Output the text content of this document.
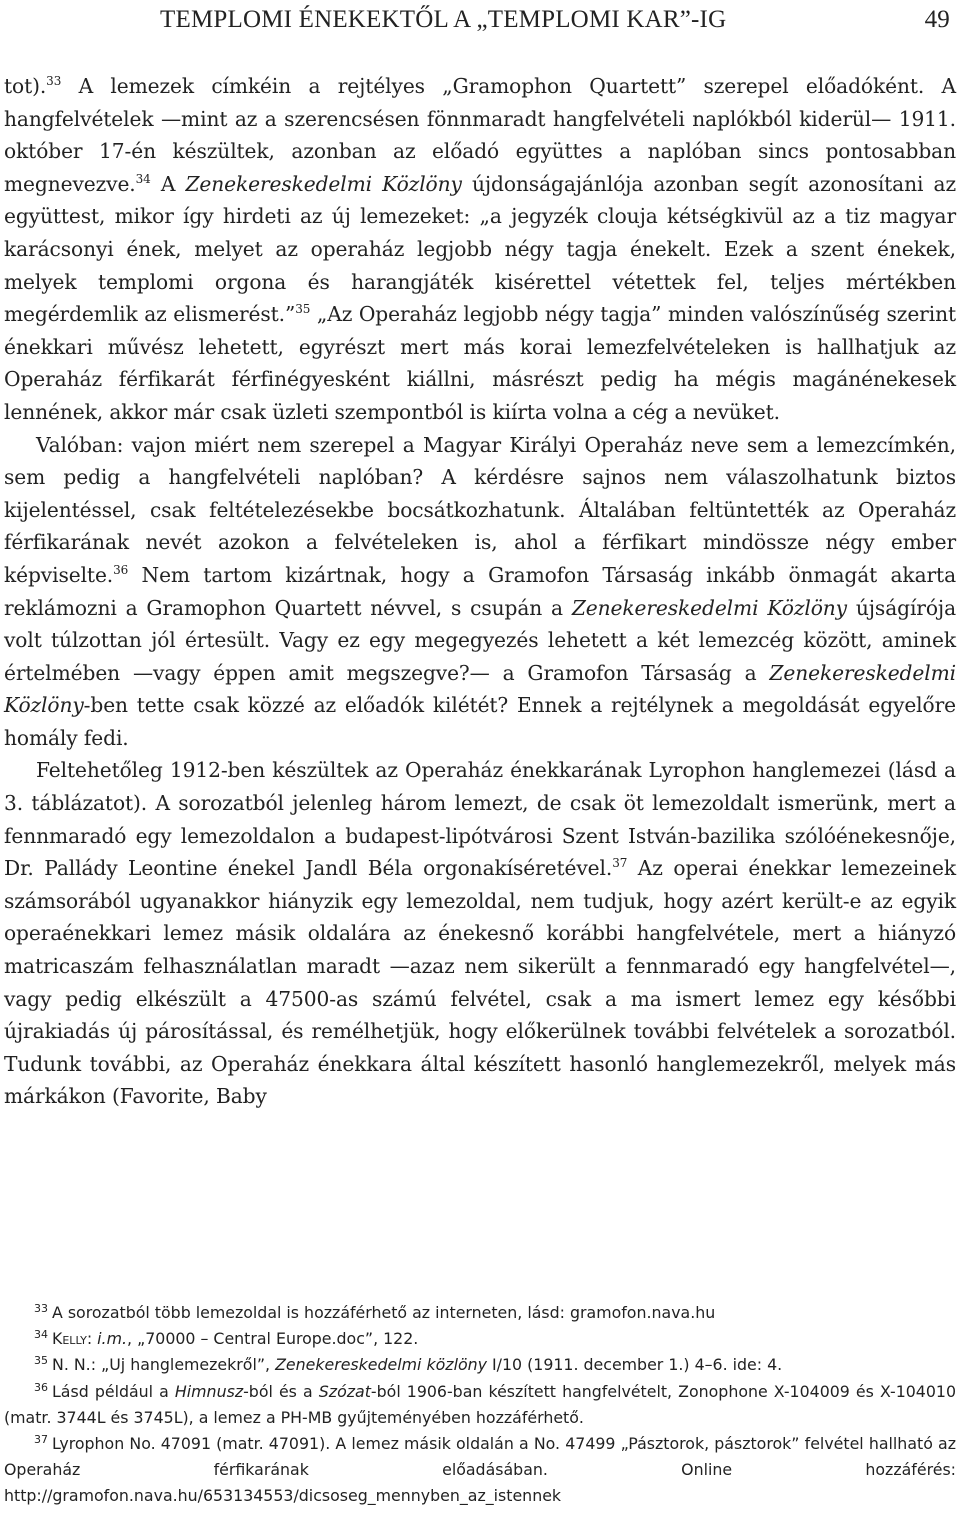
TEMPLOMI ÉNEKEKTŐL A „TEMPLOMI KAR”-IG	49

tot).$^{33}$ A lemezek címkéin a rejtélyes „Gramophon Quartett” szerepel előadóként. A hangfelvételek —mint az a szerencsésen fönnmaradt hangfelvételi naplókból kiderül— 1911. október 17-én készültek, azonban az előadó együttes a naplóban sincs pontosabban megnevezve.$^{34}$ A Zenekereskedelmi Közlöny újdonságajánlója azonban segít azonosítani az együttest, mikor így hirdeti az új lemezeket: „a jegyzék clouja kétségkivül az a tiz magyar karácsonyi ének, melyet az operaház legjobb négy tagja énekelt. Ezek a szent énekek, melyek templomi orgona és harangjáték kisérettel vétettek fel, teljes mértékben megérdemlik az elismerést.”$^{35}$ „Az Operaház legjobb négy tagja” minden valószínűség szerint énekkari művész lehetett, egyrészt mert más korai lemezfelvételeken is hallhatjuk az Operaház férfikarát férfinégyesként kiállni, másrészt pedig ha mégis magánénekesek lennének, akkor már csak üzleti szempontból is kiírta volna a cég a nevüket.

Valóban: vajon miért nem szerepel a Magyar Királyi Operaház neve sem a lemezcímkén, sem pedig a hangfelvételi naplóban? A kérdésre sajnos nem válaszolhatunk biztos kijelentéssel, csak feltételezésekbe bocsátkozhatunk. Általában feltüntették az Operaház férfikarának nevét azokon a felvételeken is, ahol a férfikart mindössze négy ember képviselte.$^{36}$ Nem tartom kizártnak, hogy a Gramofon Társaság inkább önmagát akarta reklámozni a Gramophon Quartett névvel, s csupán a Zenekereskedelmi Közlöny újságírója volt túlzottan jól értesült. Vagy ez egy megegyezés lehetett a két lemezcég között, aminek értelmében —vagy éppen amit megszegve?— a Gramofon Társaság a Zenekereskedelmi Közlöny-ben tette csak közzé az előadók kilétét? Ennek a rejtélynek a megoldását egyelőre homály fedi.

Feltehetőleg 1912-ben készültek az Operaház énekkarának Lyrophon hanglemezei (lásd a 3. táblázatot). A sorozatból jelenleg három lemezt, de csak öt lemezoldalt ismerünk, mert a fennmaradó egy lemezoldalon a budapest-lipótvárosi Szent István-bazilika szólóénekesnője, Dr. Pallády Leontine énekel Jandl Béla orgonakíséretével.$^{37}$ Az operai énekkar lemezeinek számsorából ugyanakkor hiányzik egy lemezoldal, nem tudjuk, hogy azért került-e az egyik operaénekkari lemez másik oldalára az énekesnő korábbi hangfelvétele, mert a hiányzó matricaszám felhasználatlan maradt —azaz nem sikerült a fennmaradó egy hangfelvétel—, vagy pedig elkészült a 47500-as számú felvétel, csak a ma ismert lemez egy későbbi újrakiadás új párosítással, és remélhetjük, hogy előkerülnek további felvételek a sorozatból. Tudunk további, az Operaház énekkara által készített hasonló hanglemezekről, melyek más márkákon (Favorite, Baby

$^{33}$ A sorozatból több lemezoldal is hozzáférhető az interneten, lásd: gramofon.nava.hu

$^{34}$ Kelly: i.m., „70000 – Central Europe.doc”, 122.

$^{35}$ N. N.: „Uj hanglemezekről”, Zenekereskedelmi közlöny I/10 (1911. december 1.) 4–6. ide: 4.

$^{36}$ Lásd például a Himnusz-ból és a Szózat-ból 1906-ban készített hangfelvételt, Zonophone X-104009 és X-104010 (matr. 3744L és 3745L), a lemez a PH-MB gyűjteményében hozzáférhető.

$^{37}$ Lyrophon No. 47091 (matr. 47091). A lemez másik oldalán a No. 47499 „Pásztorok, pásztorok” felvétel hallható az Operaház férfikarának előadásában. Online hozzáférés: http://gramofon.nava.hu/653134553/dicsoseg_mennyben_az_istennek
